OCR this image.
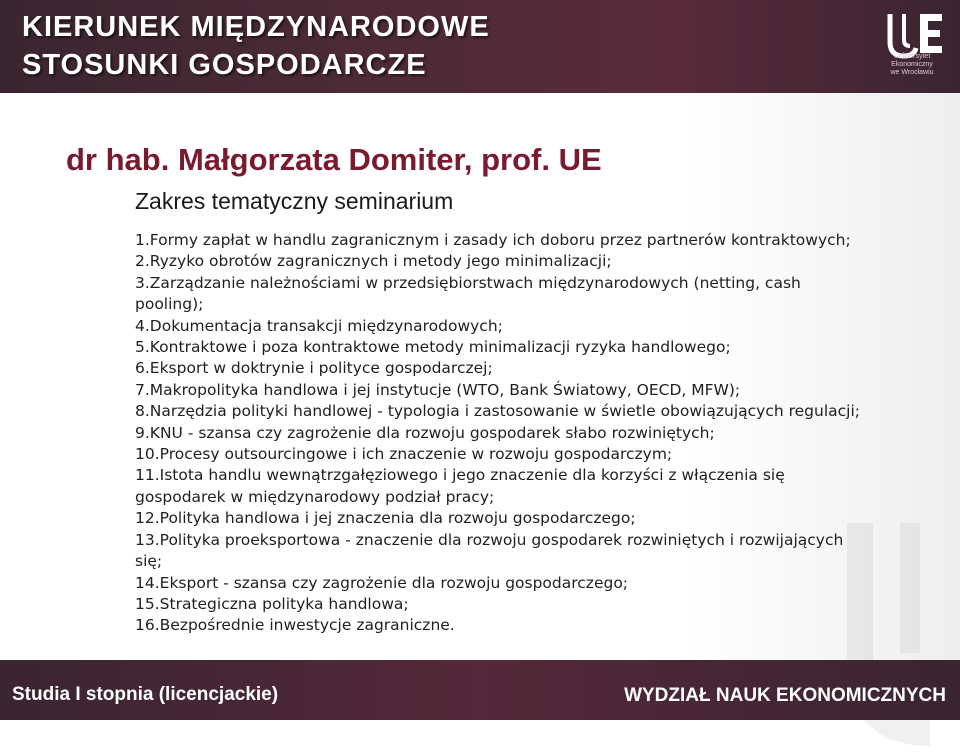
KIERUNEK MIĘDZYNARODOWE
STOSUNKI GOSPODARCZE	Uniwersytet
Ekonomiczny
we Wrocławiu
dr hab. Małgorzata Domiter, prof. UE
Zakres tematyczny seminarium
1.Formy zapłat w handlu zagranicznym i zasady ich doboru przez partnerów kontraktowych;
2.Ryzyko obrotów zagranicznych i metody jego minimalizacji;
3.Zarządzanie należnościami w przedsiębiorstwach międzynarodowych (netting, cash pooling);
4.Dokumentacja transakcji międzynarodowych;
5.Kontraktowe i poza kontraktowe metody minimalizacji ryzyka handlowego;
6.Eksport w doktrynie i polityce gospodarczej;
7.Makropolityka handlowa i jej instytucje (WTO, Bank Światowy, OECD, MFW);
8.Narzędzia polityki handlowej - typologia i zastosowanie w świetle obowiązujących regulacji;
9.KNU - szansa czy zagrożenie dla rozwoju gospodarek słabo rozwiniętych;
10.Procesy outsourcingowe i ich znaczenie w rozwoju gospodarczym;
11.Istota handlu wewnątrzgałęziowego i jego znaczenie dla korzyści z włączenia się gospodarek w międzynarodowy podział pracy;
12.Polityka handlowa i jej znaczenia dla rozwoju gospodarczego;
13.Polityka proeksportowa - znaczenie dla rozwoju gospodarek rozwiniętych i rozwijających się;
14.Eksport - szansa czy zagrożenie dla rozwoju gospodarczego;
15.Strategiczna polityka handlowa;
16.Bezpośrednie inwestycje zagraniczne.
Studia I stopnia (licencjackie)	WYDZIAŁ NAUK EKONOMICZNYCH
